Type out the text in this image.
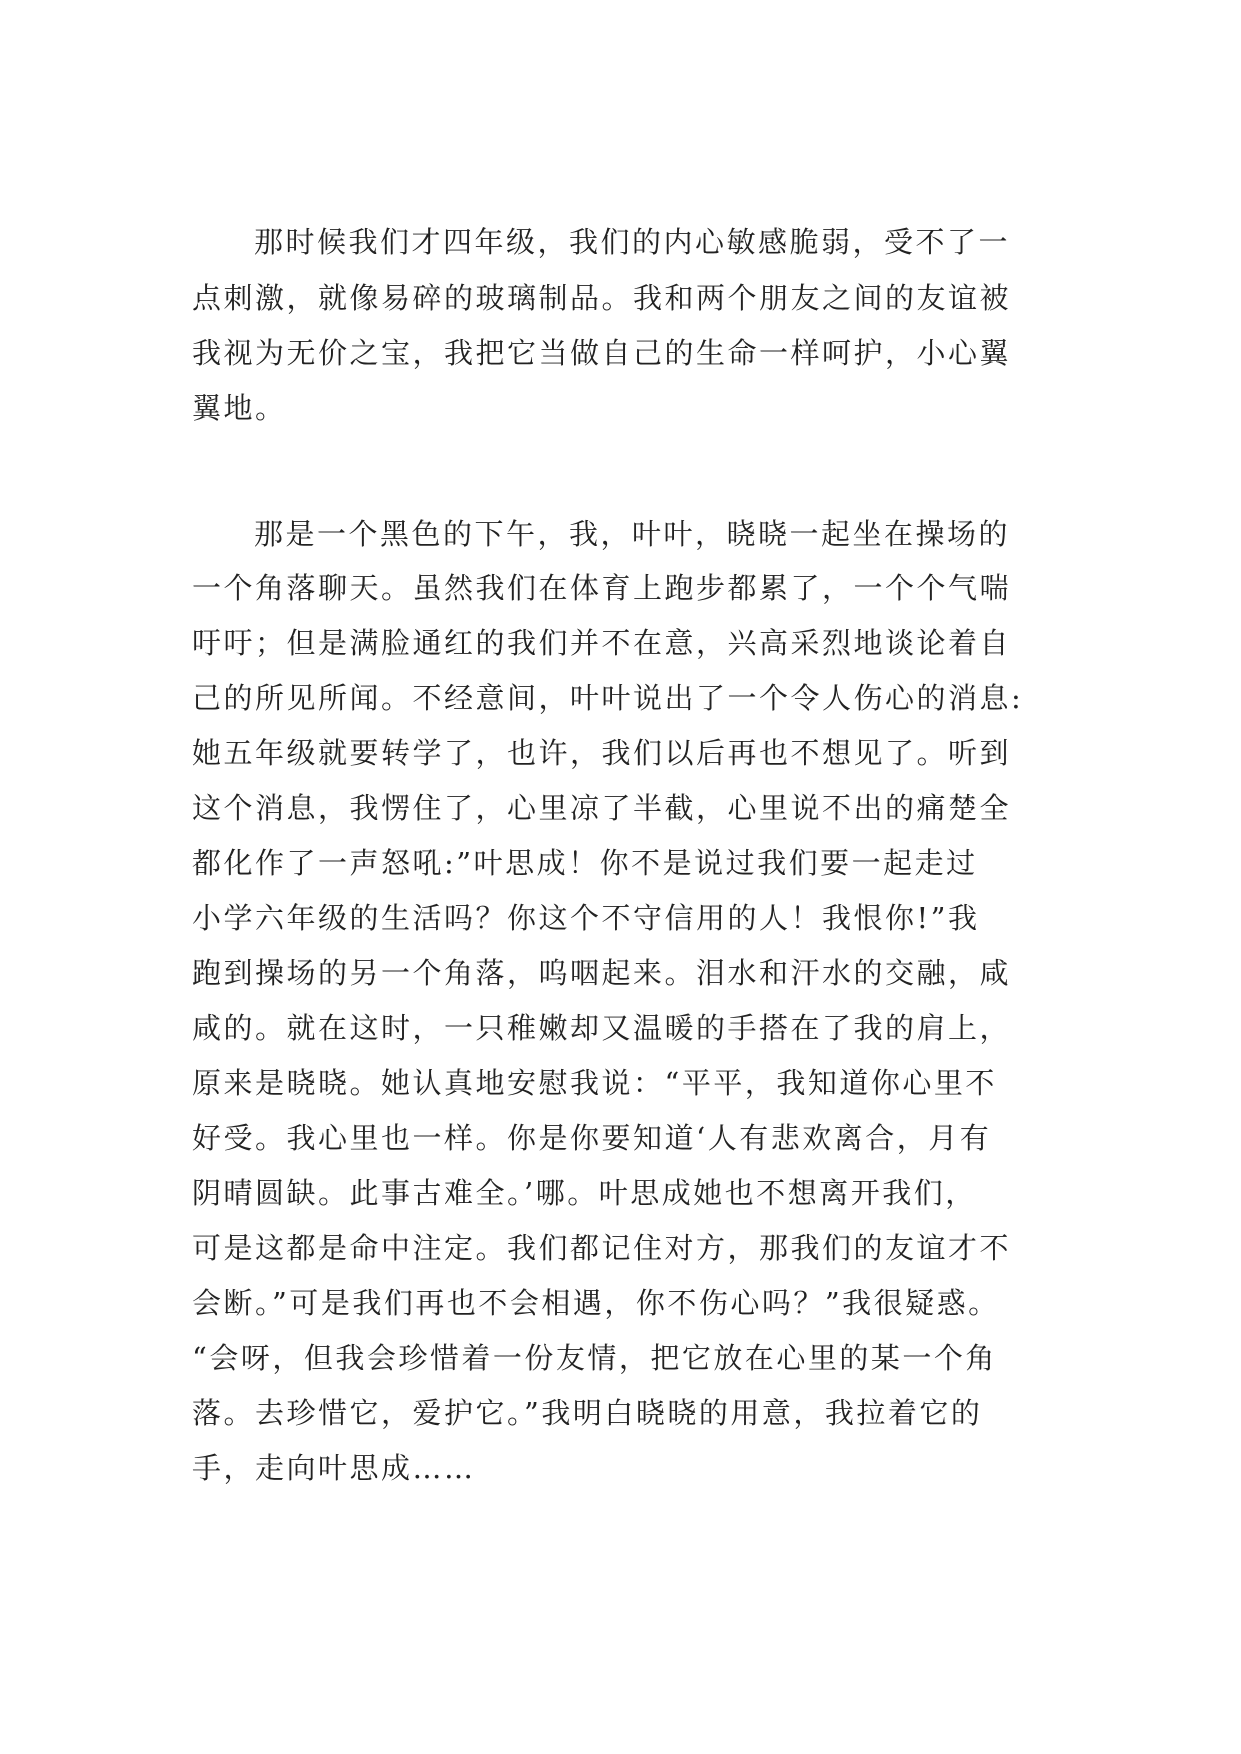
那时候我们才四年级，我们的内心敏感脆弱，受不了一

点刺激，就像易碎的玻璃制品。我和两个朋友之间的友谊被

我视为无价之宝，我把它当做自己的生命一样呵护，小心翼

翼地。

那是一个黑色的下午，我，叶叶，晓晓一起坐在操场的

一个角落聊天。虽然我们在体育上跑步都累了，一个个气喘

吁吁；但是满脸通红的我们并不在意，兴高采烈地谈论着自

己的所见所闻。不经意间，叶叶说出了一个令人伤心的消息:

她五年级就要转学了，也许，我们以后再也不想见了。听到

这个消息，我愣住了，心里凉了半截，心里说不出的痛楚全

都化作了一声怒吼:”叶思成！你不是说过我们要一起走过

小学六年级的生活吗？你这个不守信用的人！我恨你!”我

跑到操场的另一个角落，呜咽起来。泪水和汗水的交融，咸

咸的。就在这时，一只稚嫩却又温暖的手搭在了我的肩上，

原来是晓晓。她认真地安慰我说：“平平，我知道你心里不

好受。我心里也一样。你是你要知道‘人有悲欢离合，月有

阴晴圆缺。此事古难全。’哪。叶思成她也不想离开我们，

可是这都是命中注定。我们都记住对方，那我们的友谊才不

会断。”可是我们再也不会相遇，你不伤心吗？”我很疑惑。

“会呀，但我会珍惜着一份友情，把它放在心里的某一个角

落。去珍惜它，爱护它。”我明白晓晓的用意，我拉着它的

手，走向叶思成……
